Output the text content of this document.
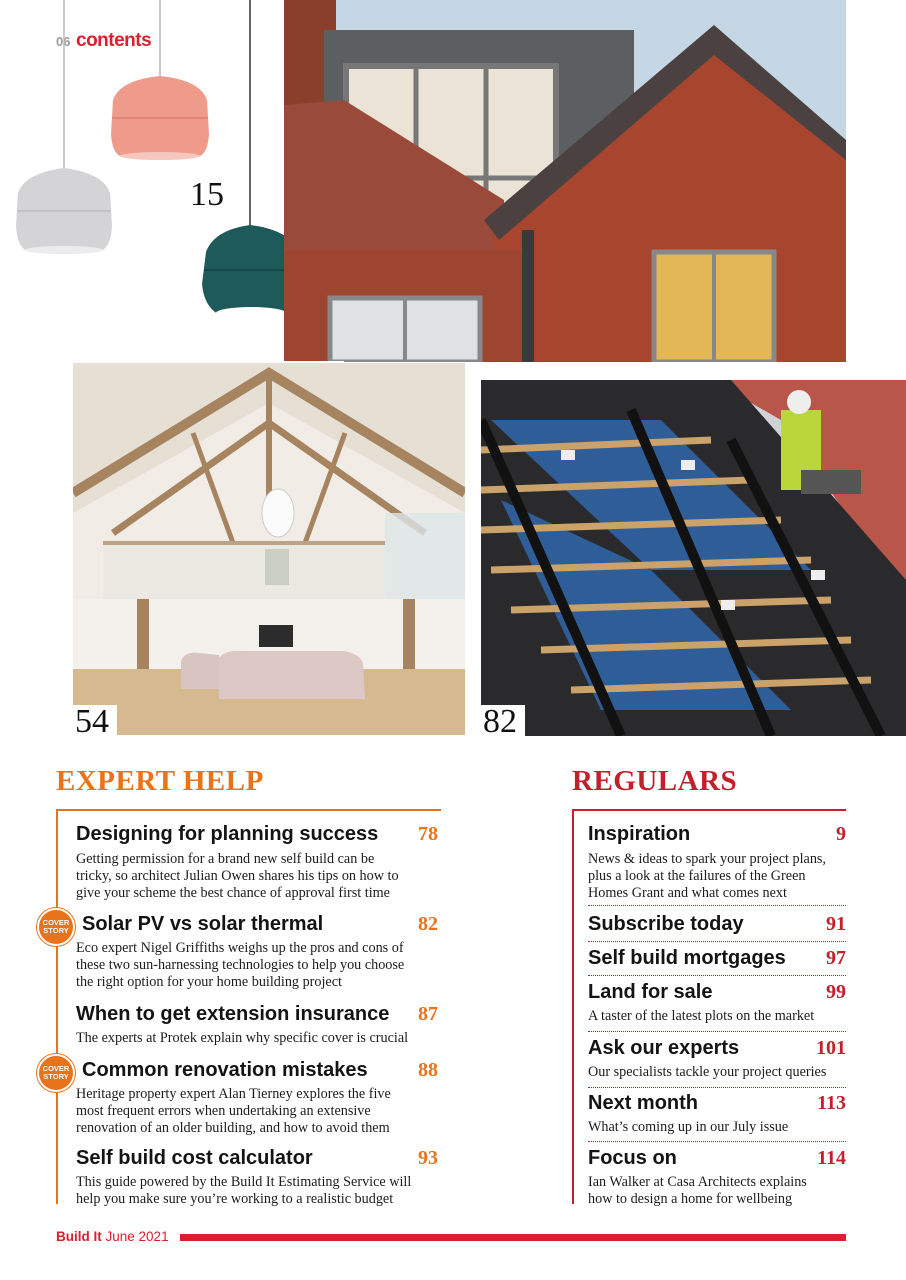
06 contents
15
54	82
EXPERT HELP
Designing for planning success	78
Getting permission for a brand new self build can be
tricky, so architect Julian Owen shares his tips on how to
give your scheme the best chance of approval first time
COVER STORY Solar PV vs solar thermal	82
Eco expert Nigel Griffiths weighs up the pros and cons of
these two sun-harnessing technologies to help you choose
the right option for your home building project
When to get extension insurance	87
The experts at Protek explain why specific cover is crucial
COVER STORY Common renovation mistakes	88
Heritage property expert Alan Tierney explores the five
most frequent errors when undertaking an extensive
renovation of an older building, and how to avoid them
Self build cost calculator	93
This guide powered by the Build It Estimating Service will
help you make sure you’re working to a realistic budget
REGULARS
Inspiration	9
News & ideas to spark your project plans,
plus a look at the failures of the Green
Homes Grant and what comes next
Subscribe today	91
Self build mortgages	97
Land for sale	99
A taster of the latest plots on the market
Ask our experts	101
Our specialists tackle your project queries
Next month	113
What’s coming up in our July issue
Focus on	114
Ian Walker at Casa Architects explains
how to design a home for wellbeing
Build It June 2021
